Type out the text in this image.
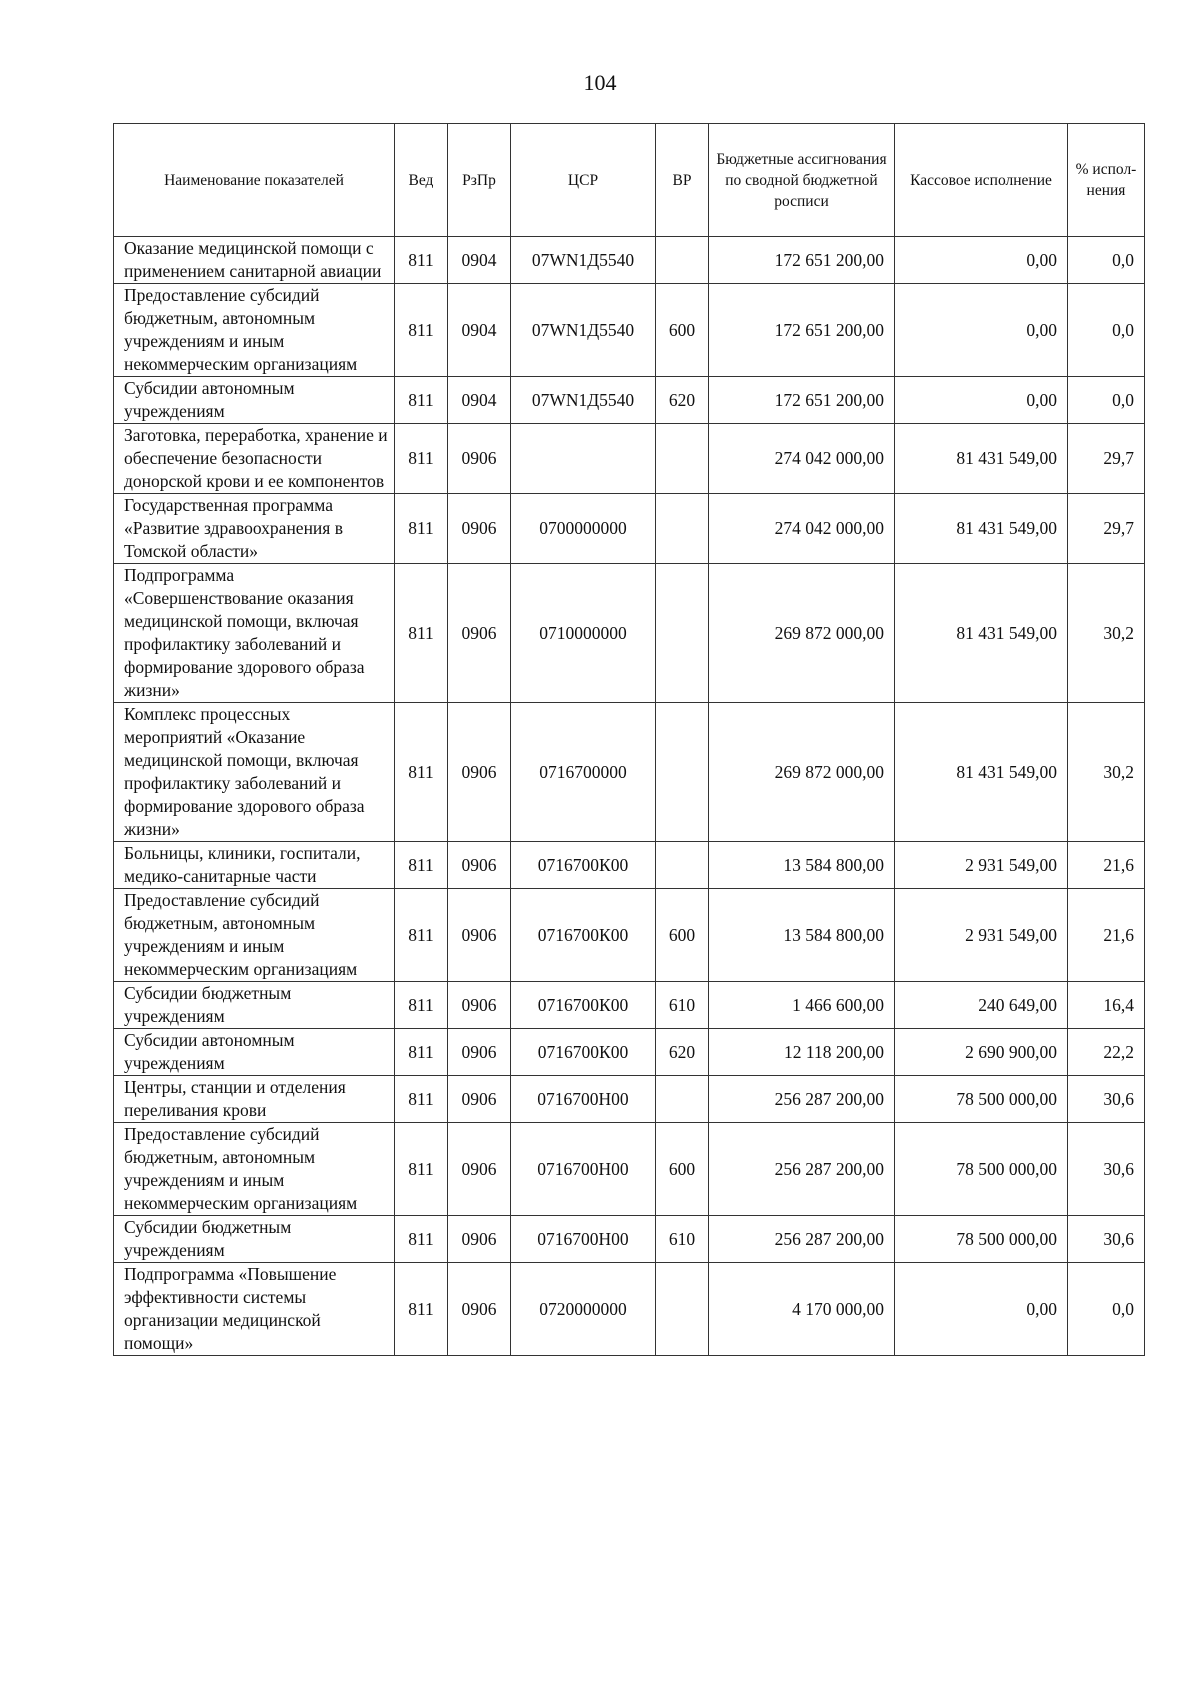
104
Наименование показателей	Вед	РзПр	ЦСР	ВР	Бюджетные ассигнования по сводной бюджетной росписи	Кассовое исполнение	% испол-нения
Оказание медицинской помощи с применением санитарной авиации	811	0904	07WN1Д5540		172 651 200,00	0,00	0,0
Предоставление субсидий бюджетным, автономным учреждениям и иным некоммерческим организациям	811	0904	07WN1Д5540	600	172 651 200,00	0,00	0,0
Субсидии автономным учреждениям	811	0904	07WN1Д5540	620	172 651 200,00	0,00	0,0
Заготовка, переработка, хранение и обеспечение безопасности донорской крови и ее компонентов	811	0906			274 042 000,00	81 431 549,00	29,7
Государственная программа «Развитие здравоохранения в Томской области»	811	0906	0700000000		274 042 000,00	81 431 549,00	29,7
Подпрограмма «Совершенствование оказания медицинской помощи, включая профилактику заболеваний и формирование здорового образа жизни»	811	0906	0710000000		269 872 000,00	81 431 549,00	30,2
Комплекс процессных мероприятий «Оказание медицинской помощи, включая профилактику заболеваний и формирование здорового образа жизни»	811	0906	0716700000		269 872 000,00	81 431 549,00	30,2
Больницы, клиники, госпитали, медико-санитарные части	811	0906	0716700К00		13 584 800,00	2 931 549,00	21,6
Предоставление субсидий бюджетным, автономным учреждениям и иным некоммерческим организациям	811	0906	0716700К00	600	13 584 800,00	2 931 549,00	21,6
Субсидии бюджетным учреждениям	811	0906	0716700К00	610	1 466 600,00	240 649,00	16,4
Субсидии автономным учреждениям	811	0906	0716700К00	620	12 118 200,00	2 690 900,00	22,2
Центры, станции и отделения переливания крови	811	0906	0716700Н00		256 287 200,00	78 500 000,00	30,6
Предоставление субсидий бюджетным, автономным учреждениям и иным некоммерческим организациям	811	0906	0716700Н00	600	256 287 200,00	78 500 000,00	30,6
Субсидии бюджетным учреждениям	811	0906	0716700Н00	610	256 287 200,00	78 500 000,00	30,6
Подпрограмма «Повышение эффективности системы организации медицинской помощи»	811	0906	0720000000		4 170 000,00	0,00	0,0
